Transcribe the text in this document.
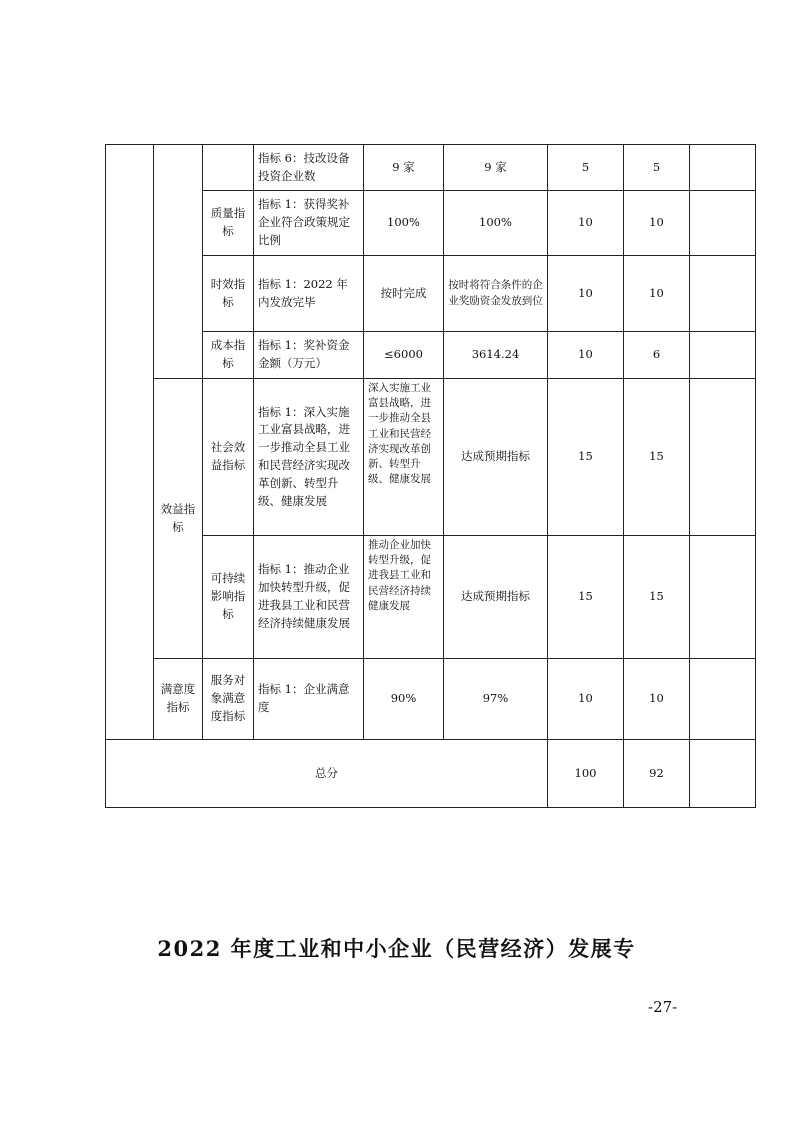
			指标 6：技改设备投资企业数	9 家	9 家	5	5	
		质量指标	指标 1：获得奖补企业符合政策规定比例	100%	100%	10	10	
		时效指标	指标 1：2022 年内发放完毕	按时完成	按时将符合条件的企业奖励资金发放到位	10	10	
		成本指标	指标 1：奖补资金金额（万元）	≤6000	3614.24	10	6	
	效益指标	社会效益指标	指标 1：深入实施工业富县战略，进一步推动全县工业和民营经济实现改革创新、转型升级、健康发展	深入实施工业富县战略，进一步推动全县工业和民营经济实现改革创新、转型升级、健康发展	达成预期指标	15	15	
		可持续影响指标	指标 1：推动企业加快转型升级，促进我县工业和民营经济持续健康发展	推动企业加快转型升级，促进我县工业和民营经济持续健康发展	达成预期指标	15	15	
	满意度指标	服务对象满意度指标	指标 1：企业满意度	90%	97%	10	10	
总分						100	92	
2022 年度工业和中小企业（民营经济）发展专
-27-
